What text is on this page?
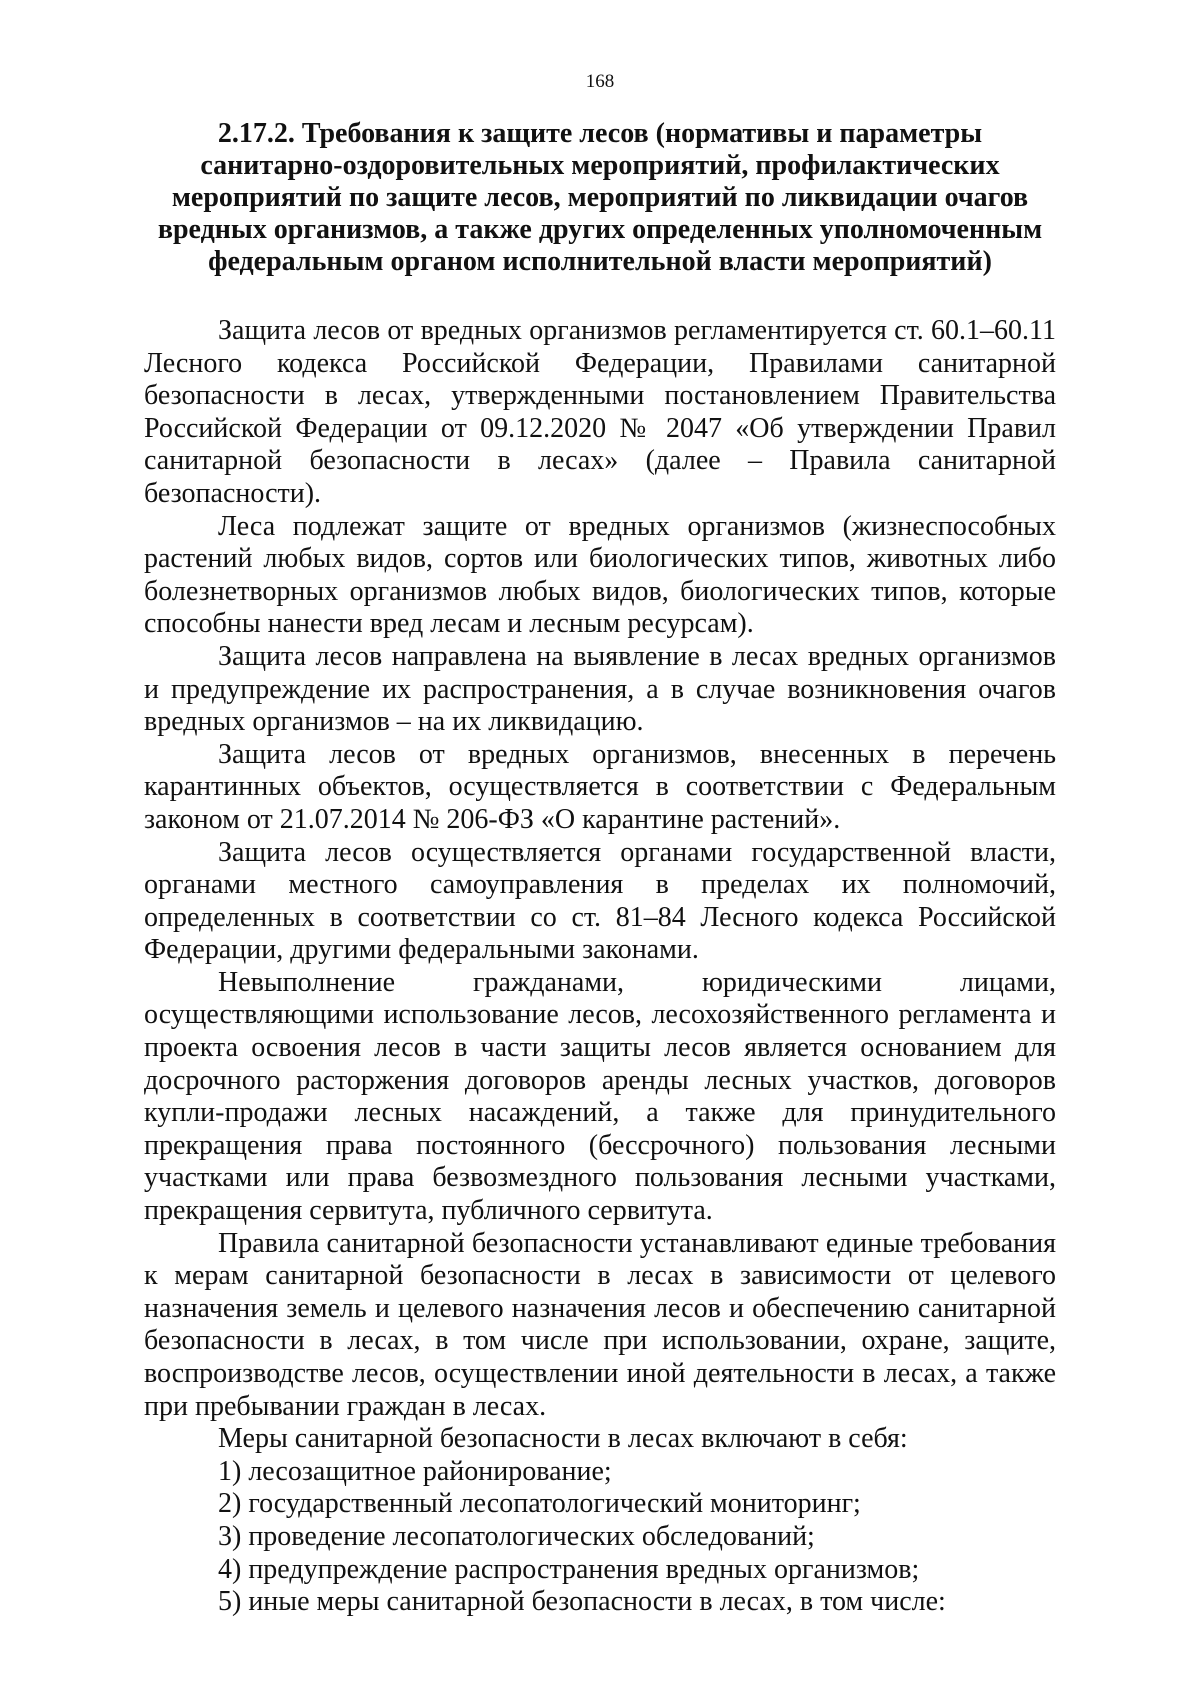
168
2.17.2. Требования к защите лесов (нормативы и параметры санитарно-оздоровительных мероприятий, профилактических мероприятий по защите лесов, мероприятий по ликвидации очагов вредных организмов, а также других определенных уполномоченным федеральным органом исполнительной власти мероприятий)

Защита лесов от вредных организмов регламентируется ст. 60.1–60.11 Лесного кодекса Российской Федерации, Правилами санитарной безопасности в лесах, утвержденными постановлением Правительства Российской Федерации от 09.12.2020 № 2047 «Об утверждении Правил санитарной безопасности в лесах» (далее – Правила санитарной безопасности).

Леса подлежат защите от вредных организмов (жизнеспособных растений любых видов, сортов или биологических типов, животных либо болезнетворных организмов любых видов, биологических типов, которые способны нанести вред лесам и лесным ресурсам).

Защита лесов направлена на выявление в лесах вредных организмов и предупреждение их распространения, а в случае возникновения очагов вредных организмов – на их ликвидацию.

Защита лесов от вредных организмов, внесенных в перечень карантинных объектов, осуществляется в соответствии с Федеральным законом от 21.07.2014 № 206-ФЗ «О карантине растений».

Защита лесов осуществляется органами государственной власти, органами местного самоуправления в пределах их полномочий, определенных в соответствии со ст. 81–84 Лесного кодекса Российской Федерации, другими федеральными законами.

Невыполнение гражданами, юридическими лицами, осуществляющими использование лесов, лесохозяйственного регламента и проекта освоения лесов в части защиты лесов является основанием для досрочного расторжения договоров аренды лесных участков, договоров купли-продажи лесных насаждений, а также для принудительного прекращения права постоянного (бессрочного) пользования лесными участками или права безвозмездного пользования лесными участками, прекращения сервитута, публичного сервитута.

Правила санитарной безопасности устанавливают единые требования к мерам санитарной безопасности в лесах в зависимости от целевого назначения земель и целевого назначения лесов и обеспечению санитарной безопасности в лесах, в том числе при использовании, охране, защите, воспроизводстве лесов, осуществлении иной деятельности в лесах, а также при пребывании граждан в лесах.

Меры санитарной безопасности в лесах включают в себя:

1) лесозащитное районирование;

2) государственный лесопатологический мониторинг;

3) проведение лесопатологических обследований;

4) предупреждение распространения вредных организмов;

5) иные меры санитарной безопасности в лесах, в том числе:
